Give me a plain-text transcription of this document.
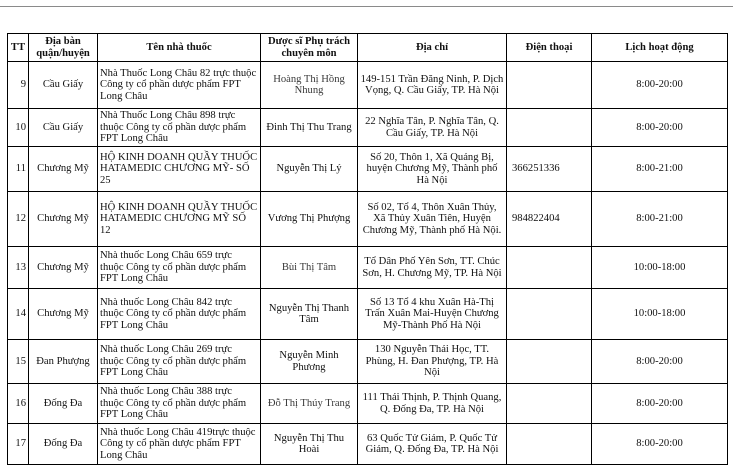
TT	Địa bàn quận/huyện	Tên nhà thuốc	Dược sĩ Phụ trách chuyên môn	Địa chỉ	Điện thoại	Lịch hoạt động
9	Cầu Giấy	Nhà Thuốc Long Châu 82 trực thuộc Công ty cổ phần dược phẩm FPT Long Châu	Hoàng Thị Hồng Nhung	149-151 Trần Đăng Ninh, P. Dịch Vọng, Q. Cầu Giấy, TP. Hà Nội		8:00-20:00
10	Cầu Giấy	Nhà Thuốc Long Châu 898 trực thuộc Công ty cổ phần dược phẩm FPT Long Châu	Đinh Thị Thu Trang	22 Nghĩa Tân, P. Nghĩa Tân, Q. Cầu Giấy, TP. Hà Nội		8:00-20:00
11	Chương Mỹ	HỘ KINH DOANH QUẦY THUỐC HATAMEDIC CHƯƠNG MỸ- SỐ 25	Nguyễn Thị Lý	Số 20, Thôn 1, Xã Quảng Bị, huyện Chương Mỹ, Thành phố Hà Nội	366251336	8:00-21:00
12	Chương Mỹ	HỘ KINH DOANH QUẦY THUỐC HATAMEDIC CHƯƠNG MỸ SỐ 12	Vương Thị Phượng	Số 02, Tổ 4, Thôn Xuân Thủy, Xã Thủy Xuân Tiên, Huyện Chương Mỹ, Thành phố Hà Nội.	984822404	8:00-21:00
13	Chương Mỹ	Nhà thuốc Long Châu 659 trực thuộc Công ty cổ phần dược phẩm FPT Long Châu	Bùi Thị Tâm	Tổ Dân Phố Yên Sơn, TT. Chúc Sơn, H. Chương Mỹ, TP. Hà Nội		10:00-18:00
14	Chương Mỹ	Nhà thuốc Long Châu 842 trực thuộc Công ty cổ phần dược phẩm FPT Long Châu	Nguyễn Thị Thanh Tâm	Số 13 Tổ 4 khu Xuân Hà-Thị Trấn Xuân Mai-Huyện Chương Mỹ-Thành Phố Hà Nội		10:00-18:00
15	Đan Phượng	Nhà thuốc Long Châu 269 trực thuộc Công ty cổ phần dược phẩm FPT Long Châu	Nguyễn Minh Phương	130 Nguyễn Thái Học, TT. Phùng, H. Đan Phượng, TP. Hà Nội		8:00-20:00
16	Đống Đa	Nhà thuốc Long Châu 388 trực thuộc Công ty cổ phần dược phẩm FPT Long Châu	Đỗ Thị Thúy Trang	111 Thái Thịnh, P. Thịnh Quang, Q. Đống Đa, TP. Hà Nội		8:00-20:00
17	Đống Đa	Nhà thuốc Long Châu 419trực thuộc Công ty cổ phần dược phẩm FPT Long Châu	Nguyễn Thị Thu Hoài	63 Quốc Tử Giám, P. Quốc Tử Giám, Q. Đống Đa, TP. Hà Nội		8:00-20:00
